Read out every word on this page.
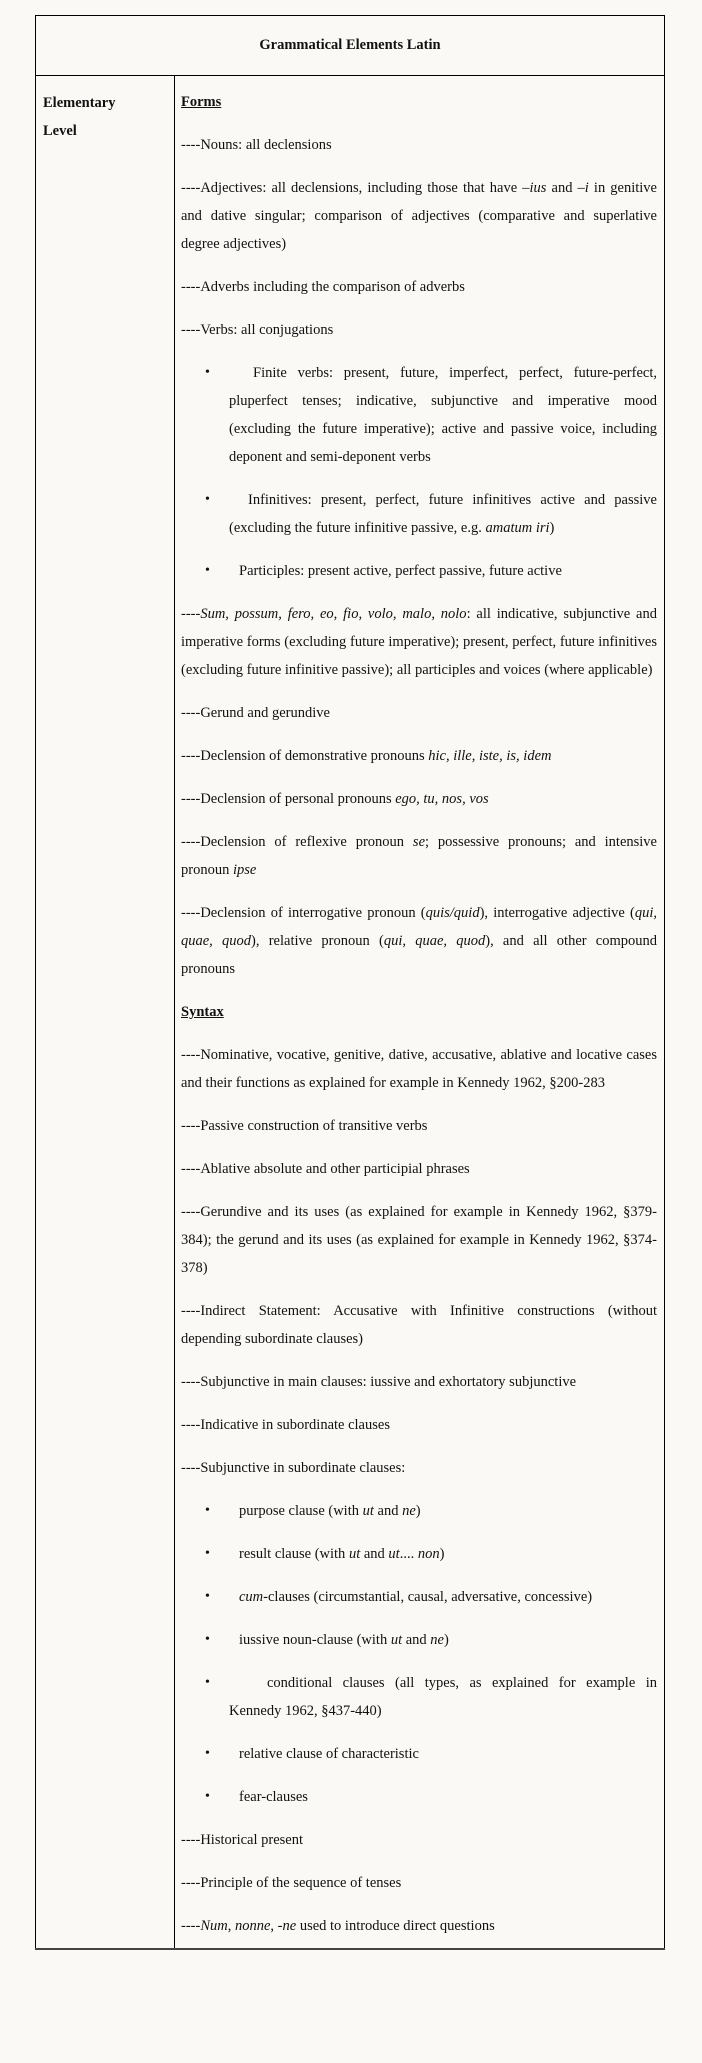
Grammatical Elements Latin

Elementary
Level

Forms

----Nouns: all declensions

----Adjectives: all declensions, including those that have –ius and –i in genitive and dative singular; comparison of adjectives (comparative and superlative degree adjectives)

----Adverbs including the comparison of adverbs

----Verbs: all conjugations

•	Finite verbs: present, future, imperfect, perfect, future-perfect, pluperfect tenses; indicative, subjunctive and imperative mood (excluding the future imperative); active and passive voice, including deponent and semi-deponent verbs
•	Infinitives: present, perfect, future infinitives active and passive (excluding the future infinitive passive, e.g. amatum iri)
• Participles: present active, perfect passive, future active

----Sum, possum, fero, eo, fio, volo, malo, nolo: all indicative, subjunctive and imperative forms (excluding future imperative); present, perfect, future infinitives (excluding future infinitive passive); all participles and voices (where applicable)

----Gerund and gerundive

----Declension of demonstrative pronouns hic, ille, iste, is, idem

----Declension of personal pronouns ego, tu, nos, vos

----Declension of reflexive pronoun se; possessive pronouns; and intensive pronoun ipse

----Declension of interrogative pronoun (quis/quid), interrogative adjective (qui, quae, quod), relative pronoun (qui, quae, quod), and all other compound pronouns

Syntax

----Nominative, vocative, genitive, dative, accusative, ablative and locative cases and their functions as explained for example in Kennedy 1962, §200-283

----Passive construction of transitive verbs

----Ablative absolute and other participial phrases

----Gerundive and its uses (as explained for example in Kennedy 1962, §379-384); the gerund and its uses (as explained for example in Kennedy 1962, §374-378)

----Indirect Statement: Accusative with Infinitive constructions (without depending subordinate clauses)

----Subjunctive in main clauses: iussive and exhortatory subjunctive

----Indicative in subordinate clauses

----Subjunctive in subordinate clauses:

• purpose clause (with ut and ne)
• result clause (with ut and ut.... non)
• cum-clauses (circumstantial, causal, adversative, concessive)
• iussive noun-clause (with ut and ne)
•	conditional clauses (all types, as explained for example in Kennedy 1962, §437-440)
• relative clause of characteristic
• fear-clauses

----Historical present

----Principle of the sequence of tenses

----Num, nonne, -ne used to introduce direct questions
